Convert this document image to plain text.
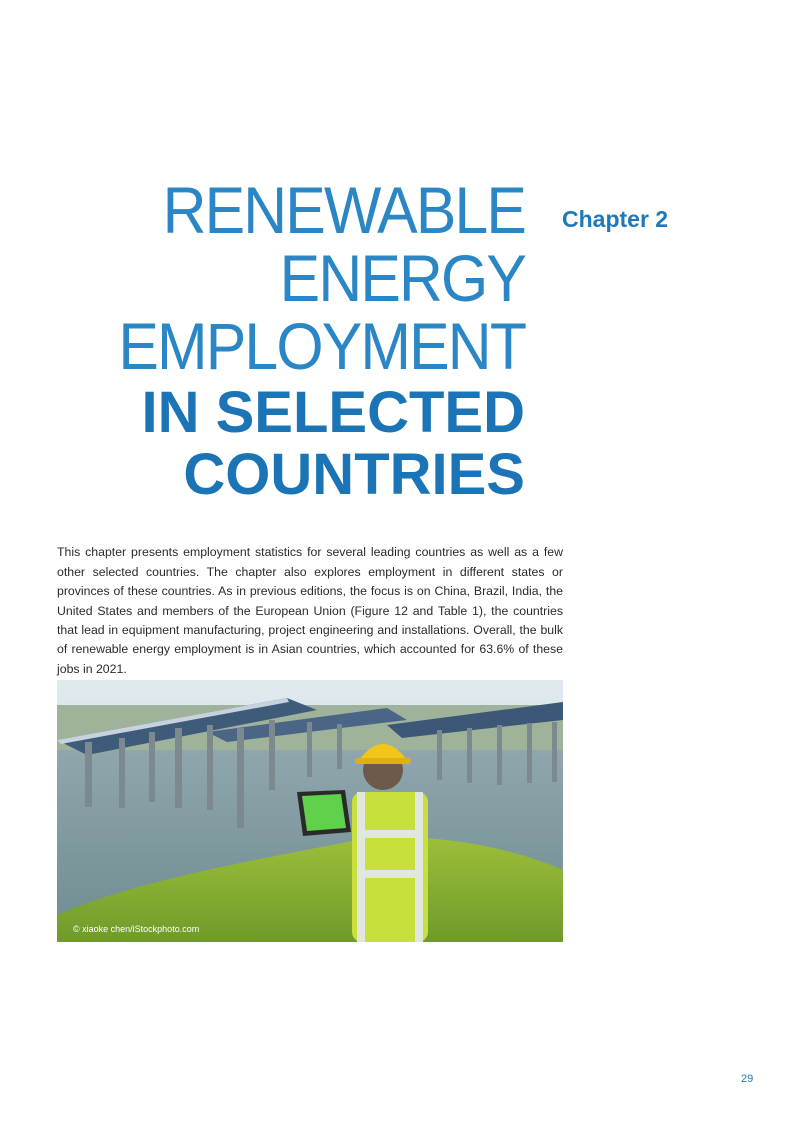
RENEWABLE
ENERGY
EMPLOYMENT
IN SELECTED
COUNTRIES
Chapter 2

This chapter presents employment statistics for several leading countries as well as a few other selected countries. The chapter also explores employment in different states or provinces of these countries. As in previous editions, the focus is on China, Brazil, India, the United States and members of the European Union (Figure 12 and Table 1), the countries that lead in equipment manufacturing, project engineering and installations. Overall, the bulk of renewable energy employment is in Asian countries, which accounted for 63.6% of these jobs in 2021.

© xiaoke chen/iStockphoto.com
29
